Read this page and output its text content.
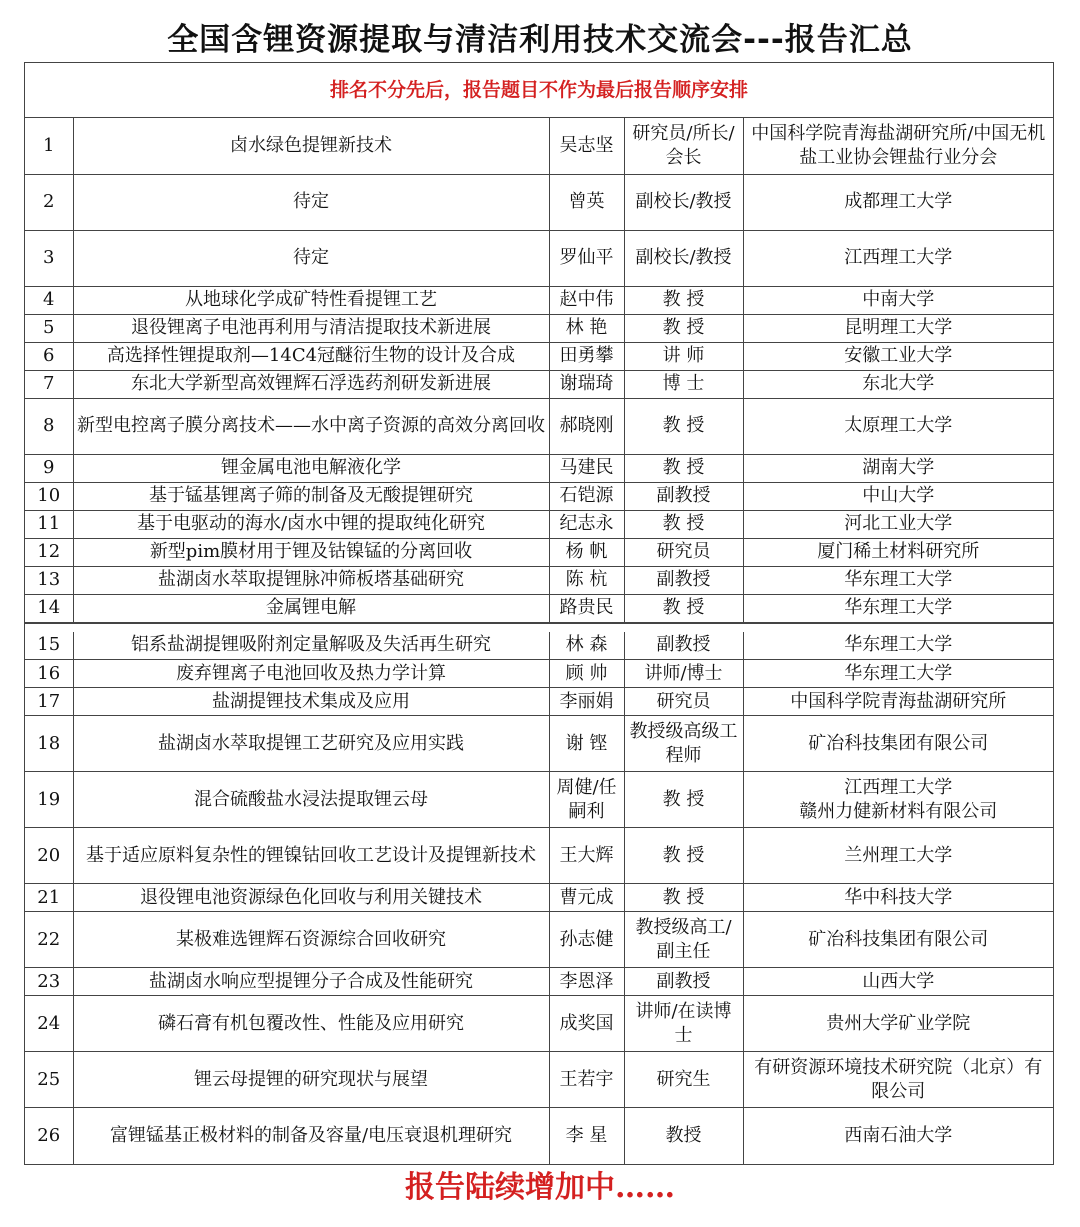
全国含锂资源提取与清洁利用技术交流会---报告汇总
排名不分先后，报告题目不作为最后报告顺序安排
1	卤水绿色提锂新技术	吴志坚	研究员/所长/会长	中国科学院青海盐湖研究所/中国无机盐工业协会锂盐行业分会
2	待定	曾英	副校长/教授	成都理工大学
3	待定	罗仙平	副校长/教授	江西理工大学
4	从地球化学成矿特性看提锂工艺	赵中伟	教 授	中南大学
5	退役锂离子电池再利用与清洁提取技术新进展	林 艳	教 授	昆明理工大学
6	高选择性锂提取剂—14C4冠醚衍生物的设计及合成	田勇攀	讲 师	安徽工业大学
7	东北大学新型高效锂辉石浮选药剂研发新进展	谢瑞琦	博 士	东北大学
8	新型电控离子膜分离技术——水中离子资源的高效分离回收	郝晓刚	教 授	太原理工大学
9	锂金属电池电解液化学	马建民	教 授	湖南大学
10	基于锰基锂离子筛的制备及无酸提锂研究	石铠源	副教授	中山大学
11	基于电驱动的海水/卤水中锂的提取纯化研究	纪志永	教 授	河北工业大学
12	新型pim膜材用于锂及钴镍锰的分离回收	杨 帆	研究员	厦门稀土材料研究所
13	盐湖卤水萃取提锂脉冲筛板塔基础研究	陈 杭	副教授	华东理工大学
14	金属锂电解	路贵民	教 授	华东理工大学
15	铝系盐湖提锂吸附剂定量解吸及失活再生研究	林 森	副教授	华东理工大学
16	废弃锂离子电池回收及热力学计算	顾 帅	讲师/博士	华东理工大学
17	盐湖提锂技术集成及应用	李丽娟	研究员	中国科学院青海盐湖研究所
18	盐湖卤水萃取提锂工艺研究及应用实践	谢 铿	教授级高级工程师	矿冶科技集团有限公司
19	混合硫酸盐水浸法提取锂云母	周健/任嗣利	教 授	江西理工大学
赣州力健新材料有限公司
20	基于适应原料复杂性的锂镍钴回收工艺设计及提锂新技术	王大辉	教 授	兰州理工大学
21	退役锂电池资源绿色化回收与利用关键技术	曹元成	教 授	华中科技大学
22	某极难选锂辉石资源综合回收研究	孙志健	教授级高工/副主任	矿冶科技集团有限公司
23	盐湖卤水响应型提锂分子合成及性能研究	李恩泽	副教授	山西大学
24	磷石膏有机包覆改性、性能及应用研究	成奖国	讲师/在读博士	贵州大学矿业学院
25	锂云母提锂的研究现状与展望	王若宇	研究生	有研资源环境技术研究院（北京）有限公司
26	富锂锰基正极材料的制备及容量/电压衰退机理研究	李 星	教授	西南石油大学
报告陆续增加中……
